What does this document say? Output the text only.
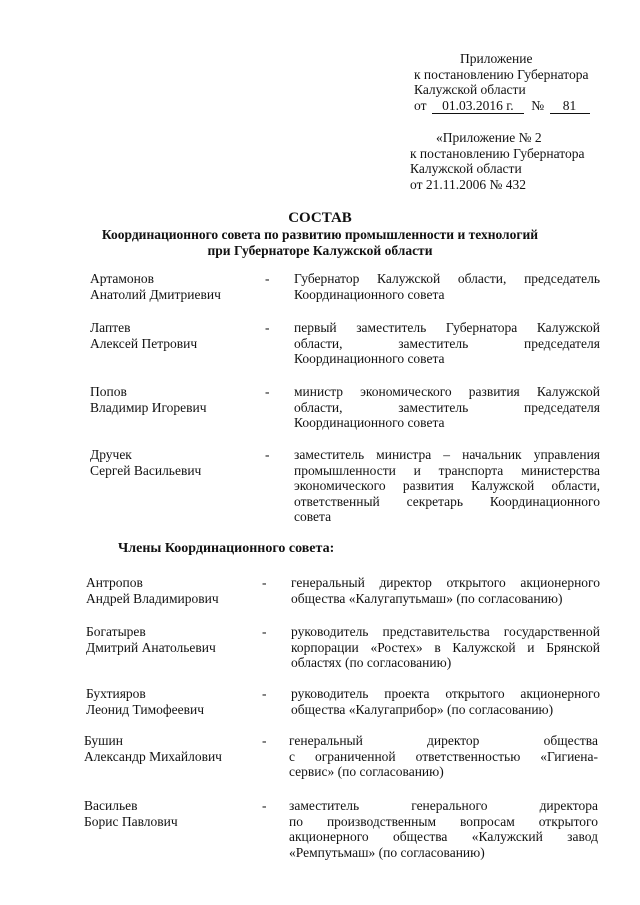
Приложение
к постановлению Губернатора
Калужской области
от 01.03.2016 г. № 81
«Приложение № 2
к постановлению Губернатора
Калужской области
от 21.11.2006 № 432
СОСТАВ
Координационного совета по развитию промышленности и технологий
при Губернаторе Калужской области
Артамонов
Анатолий Дмитриевич
- Губернатор Калужской области, председатель
Координационного совета
Лаптев
Алексей Петрович
- первый заместитель Губернатора Калужской
области, заместитель председателя
Координационного совета
Попов
Владимир Игоревич
- министр экономического развития Калужской
области, заместитель председателя
Координационного совета
Дручек
Сергей Васильевич
- заместитель министра – начальник управления
промышленности и транспорта министерства
экономического развития Калужской области,
ответственный секретарь Координационного
совета
Члены Координационного совета:
Антропов
Андрей Владимирович
- генеральный директор открытого акционерного
общества «Калугапутьмаш» (по согласованию)
Богатырев
Дмитрий Анатольевич
- руководитель представительства государственной
корпорации «Ростех» в Калужской и Брянской
областях (по согласованию)
Бухтияров
Леонид Тимофеевич
- руководитель проекта открытого акционерного
общества «Калугаприбор» (по согласованию)
Бушин
Александр Михайлович
- генеральный директор общества
с ограниченной ответственностью «Гигиена-
сервис» (по согласованию)
Васильев
Борис Павлович
- заместитель генерального директора
по производственным вопросам открытого
акционерного общества «Калужский завод
«Ремпутьмаш» (по согласованию)
